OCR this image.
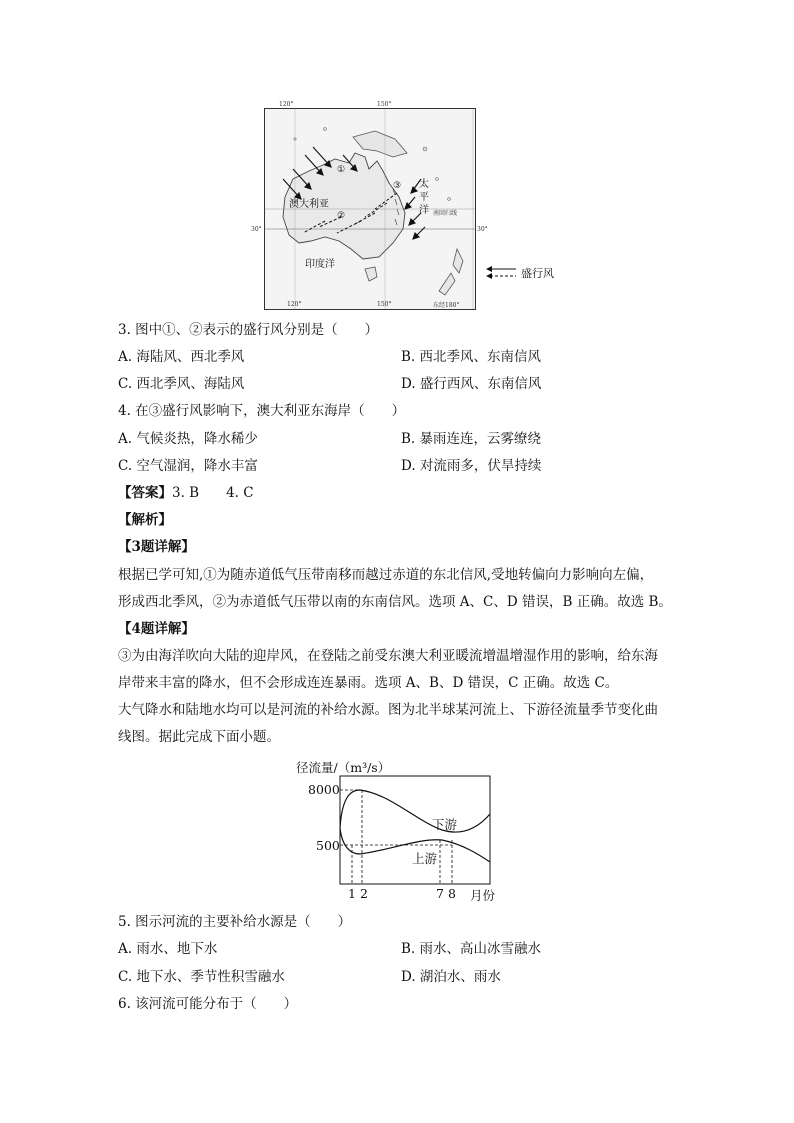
120°	150°
120°	150°	东经180°
30°	30°
澳大利亚
太
平
洋
印度洋
南回归线
①
②
③
盛行风
3. 图中①、②表示的盛行风分别是（　　）
A. 海陆风、西北季风	B. 西北季风、东南信风
C. 西北季风、海陆风	D. 盛行西风、东南信风
4. 在③盛行风影响下，澳大利亚东海岸（　　）
A. 气候炎热，降水稀少	B. 暴雨连连，云雾缭绕
C. 空气湿润，降水丰富	D. 对流雨多，伏旱持续
【答案】3. B　　4. C
【解析】
【3题详解】
根据已学可知,①为随赤道低气压带南移而越过赤道的东北信风,受地转偏向力影响向左偏，
形成西北季风，②为赤道低气压带以南的东南信风。选项 A、C、D 错误，B 正确。故选 B。
【4题详解】
③为由海洋吹向大陆的迎岸风，在登陆之前受东澳大利亚暖流增温增湿作用的影响，给东海
岸带来丰富的降水，但不会形成连连暴雨。选项 A、B、D 错误，C 正确。故选 C。
大气降水和陆地水均可以是河流的补给水源。图为北半球某河流上、下游径流量季节变化曲
线图。据此完成下面小题。
径流量/（m³/s）
8000
500
1 2	7 8 月份
下游
上游
5. 图示河流的主要补给水源是（　　）
A. 雨水、地下水	B. 雨水、高山冰雪融水
C. 地下水、季节性积雪融水	D. 湖泊水、雨水
6. 该河流可能分布于（　　）
